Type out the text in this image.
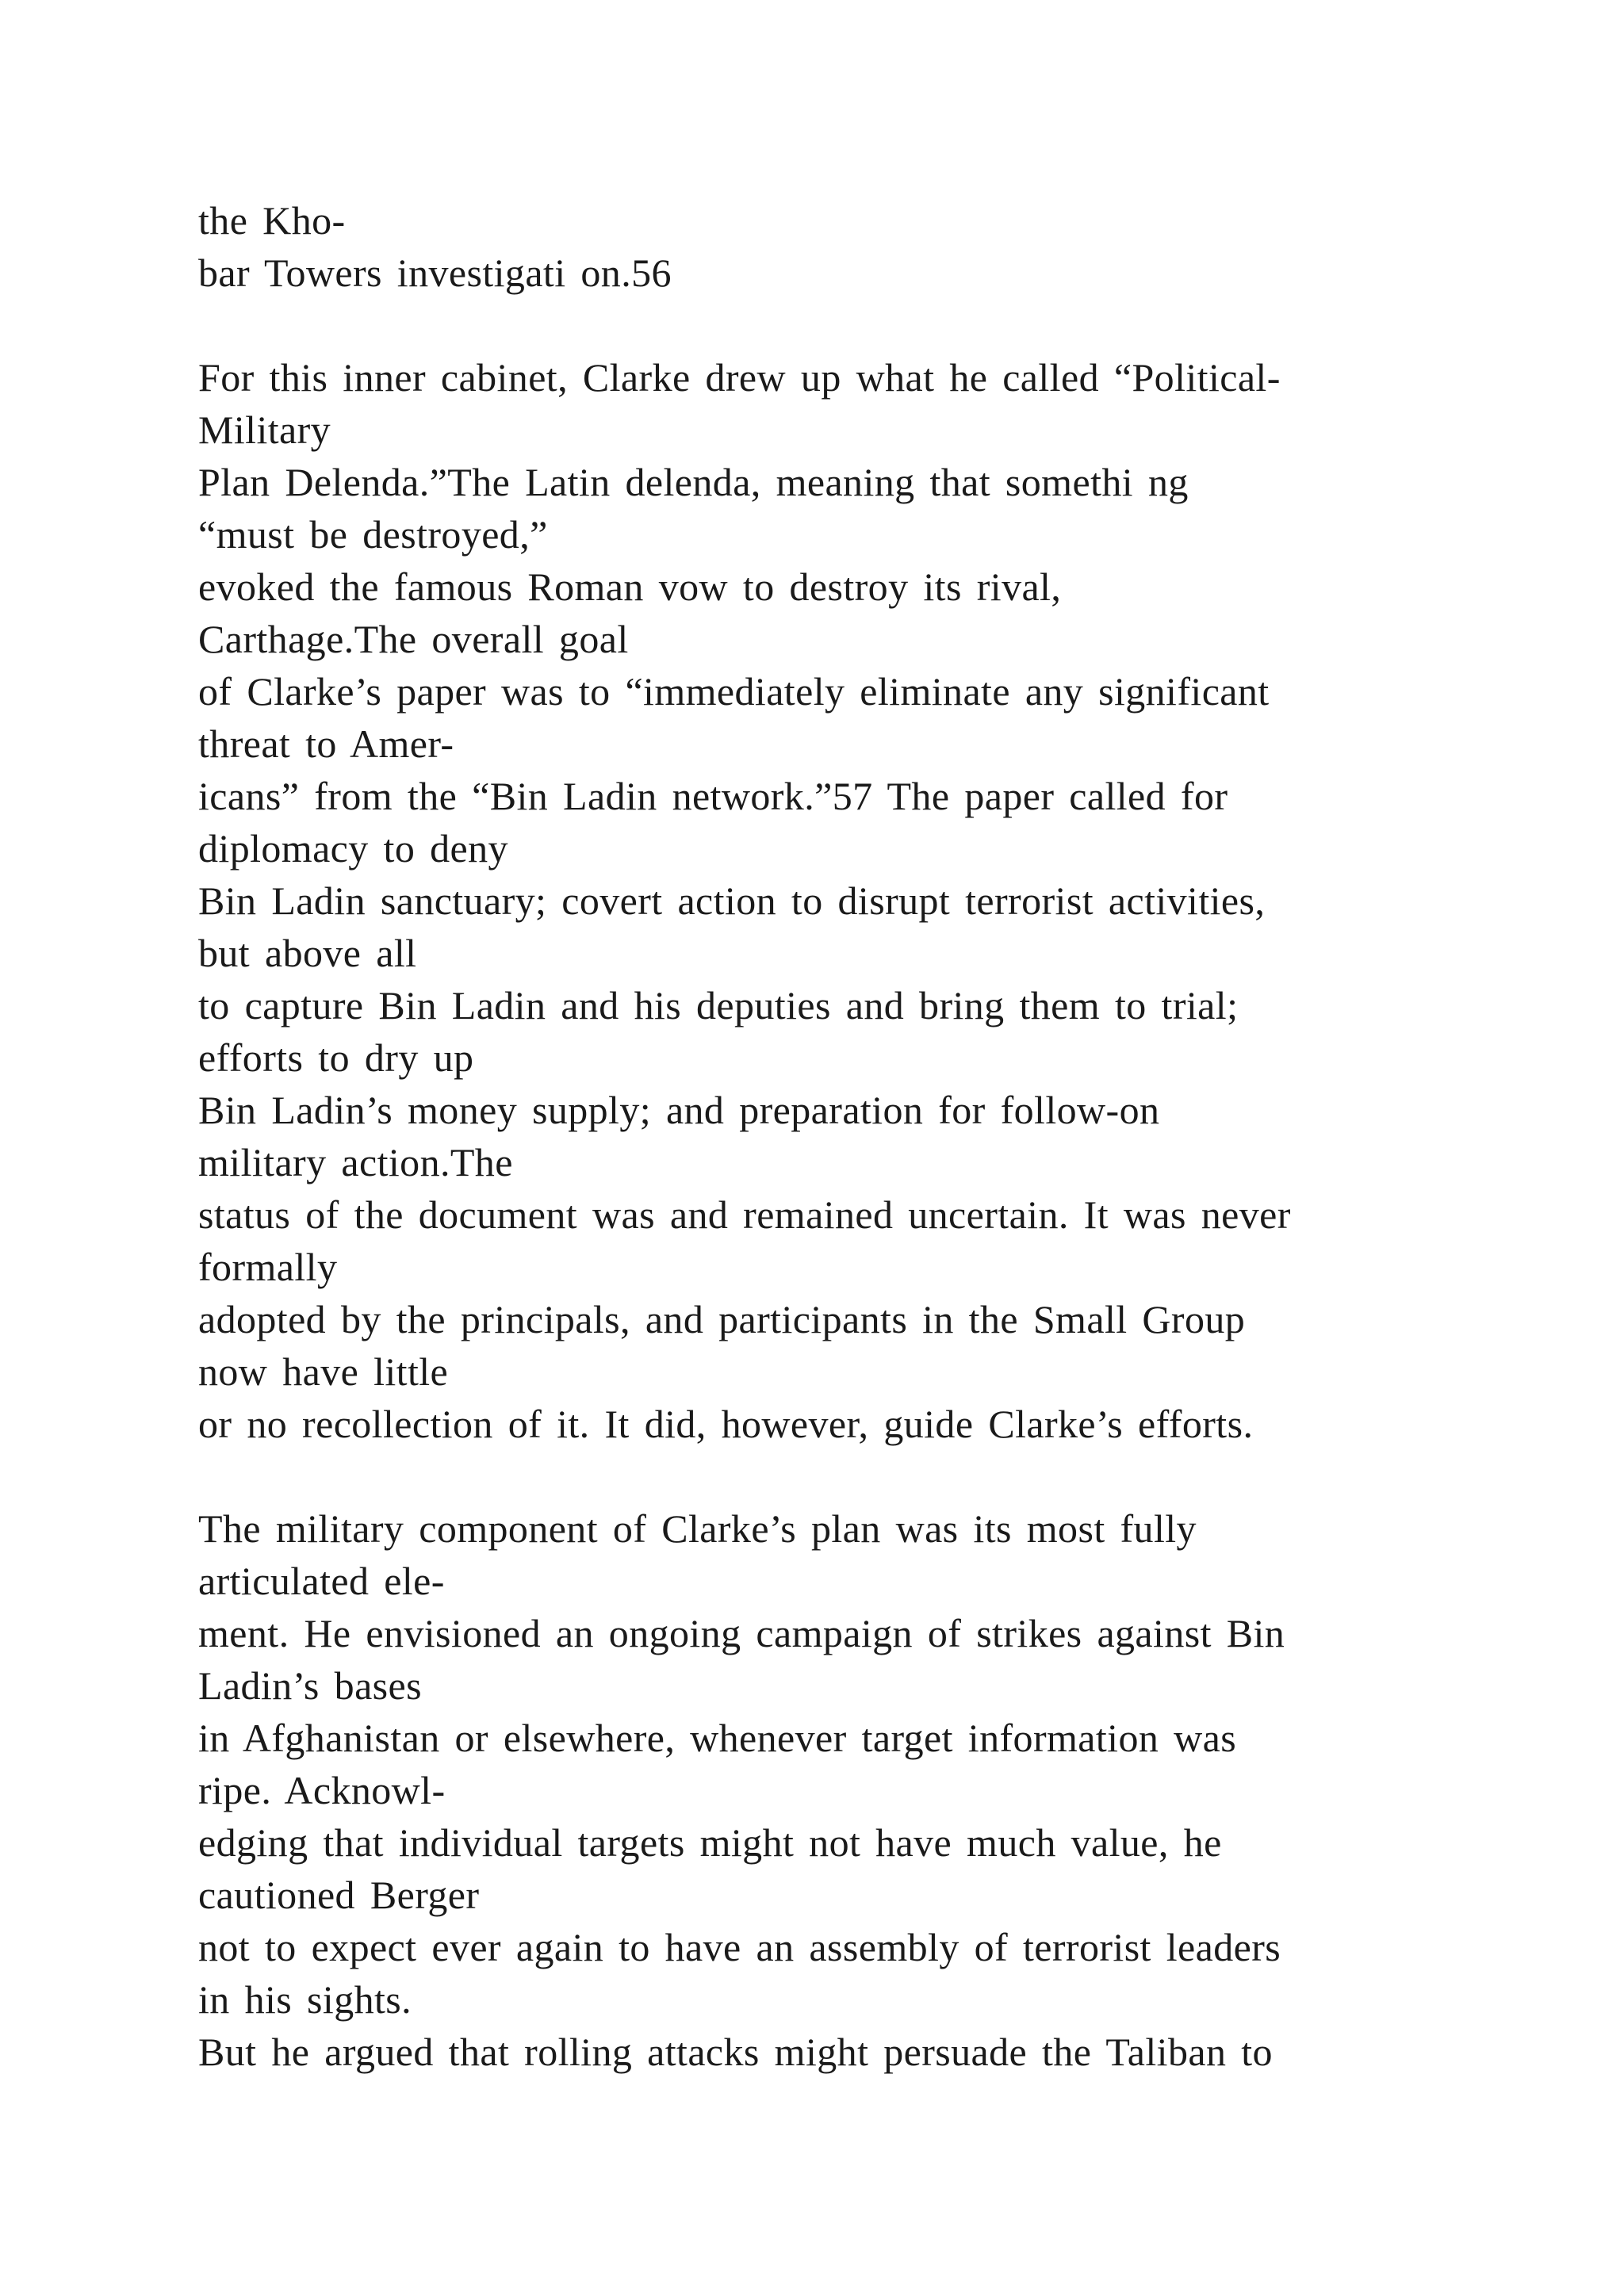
the Kho-
bar Towers investigati on.56
For this inner cabinet, Clarke drew up what he called “Political-
Military
Plan Delenda.”The Latin delenda, meaning that somethi ng
“must be destroyed,”
evoked the famous Roman vow to destroy its rival,
Carthage.The overall goal
of Clarke’s paper was to “immediately eliminate any significant
threat to Amer-
icans” from the “Bin Ladin network.”57 The paper called for
diplomacy to deny
Bin Ladin sanctuary; covert action to disrupt terrorist activities,
but above all
to capture Bin Ladin and his deputies and bring them to trial;
efforts to dry up
Bin Ladin’s money supply; and preparation for follow-on
military action.The
status of the document was and remained uncertain. It was never
formally
adopted by the principals, and participants in the Small Group
now have little
or no recollection of it. It did, however, guide Clarke’s efforts.
The military component of Clarke’s plan was its most fully
articulated ele-
ment. He envisioned an ongoing campaign of strikes against Bin
Ladin’s bases
in Afghanistan or elsewhere, whenever target information was
ripe. Acknowl-
edging that individual targets might not have much value, he
cautioned Berger
not to expect ever again to have an assembly of terrorist leaders
in his sights.
But he argued that rolling attacks might persuade the Taliban to
